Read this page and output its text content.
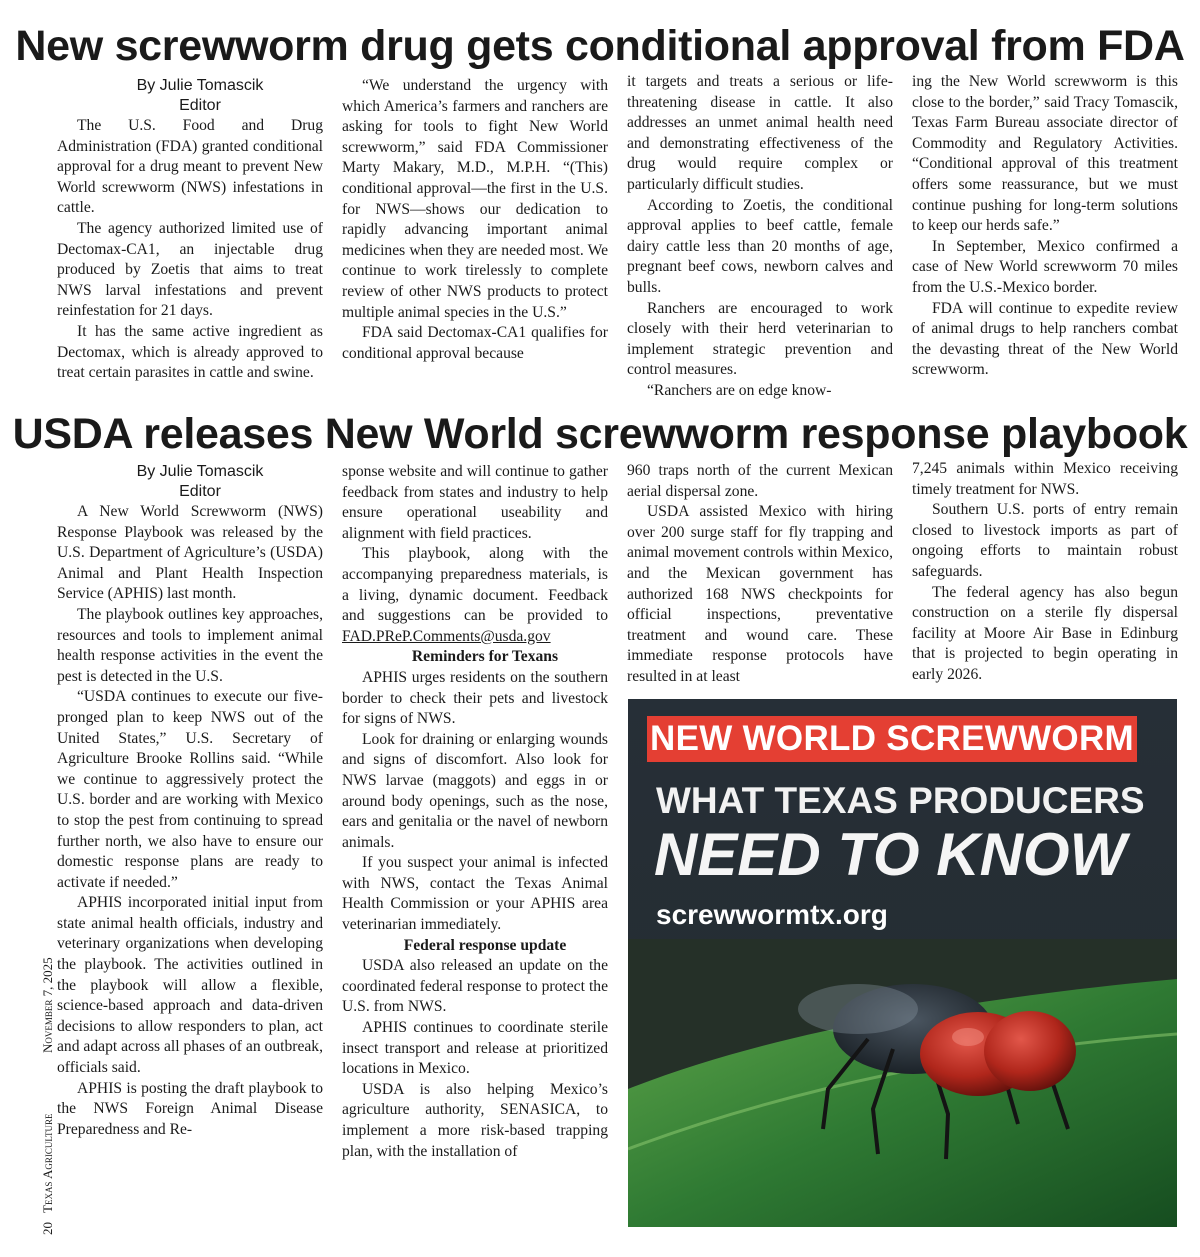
New screwworm drug gets conditional approval from FDA

By Julie Tomascik

Editor

The U.S. Food and Drug Administration (FDA) granted conditional approval for a drug meant to prevent New World screwworm (NWS) infestations in cattle.

The agency authorized limited use of Dectomax-CA1, an injectable drug produced by Zoetis that aims to treat NWS larval infestations and prevent reinfestation for 21 days.

It has the same active ingredient as Dectomax, which is already approved to treat certain parasites in cattle and swine.

“We understand the urgency with which America’s farmers and ranchers are asking for tools to fight New World screwworm,” said FDA Commissioner Marty Makary, M.D., M.P.H. “(This) conditional approval—the first in the U.S. for NWS—shows our dedication to rapidly advancing important animal medicines when they are needed most. We continue to work tirelessly to complete review of other NWS products to protect multiple animal species in the U.S.”

FDA said Dectomax-CA1 qualifies for conditional approval because

it targets and treats a serious or life-threatening disease in cattle. It also addresses an unmet animal health need and demonstrating effectiveness of the drug would require complex or particularly difficult studies.

According to Zoetis, the conditional approval applies to beef cattle, female dairy cattle less than 20 months of age, pregnant beef cows, newborn calves and bulls.

Ranchers are encouraged to work closely with their herd veterinarian to implement strategic prevention and control measures.

“Ranchers are on edge know-

ing the New World screwworm is this close to the border,” said Tracy Tomascik, Texas Farm Bureau associate director of Commodity and Regulatory Activities. “Conditional approval of this treatment offers some reassurance, but we must continue pushing for long-term solutions to keep our herds safe.”

In September, Mexico confirmed a case of New World screwworm 70 miles from the U.S.-Mexico border.

FDA will continue to expedite review of animal drugs to help ranchers combat the devasting threat of the New World screwworm.

USDA releases New World screwworm response playbook

By Julie Tomascik

Editor

A New World Screwworm (NWS) Response Playbook was released by the U.S. Department of Agriculture’s (USDA) Animal and Plant Health Inspection Service (APHIS) last month.

The playbook outlines key approaches, resources and tools to implement animal health response activities in the event the pest is detected in the U.S.

“USDA continues to execute our five-pronged plan to keep NWS out of the United States,” U.S. Secretary of Agriculture Brooke Rollins said. “While we continue to aggressively protect the U.S. border and are working with Mexico to stop the pest from continuing to spread further north, we also have to ensure our domestic response plans are ready to activate if needed.”

APHIS incorporated initial input from state animal health officials, industry and veterinary organizations when developing the playbook. The activities outlined in the playbook will allow a flexible, science-based approach and data-driven decisions to allow responders to plan, act and adapt across all phases of an outbreak, officials said.

APHIS is posting the draft playbook to the NWS Foreign Animal Disease Preparedness and Re-

sponse website and will continue to gather feedback from states and industry to help ensure operational useability and alignment with field practices.

This playbook, along with the accompanying preparedness materials, is a living, dynamic document. Feedback and suggestions can be provided to FAD.PReP.Comments@usda.gov

Reminders for Texans

APHIS urges residents on the southern border to check their pets and livestock for signs of NWS.

Look for draining or enlarging wounds and signs of discomfort. Also look for NWS larvae (maggots) and eggs in or around body openings, such as the nose, ears and genitalia or the navel of newborn animals.

If you suspect your animal is infected with NWS, contact the Texas Animal Health Commission or your APHIS area veterinarian immediately.

Federal response update

USDA also released an update on the coordinated federal response to protect the U.S. from NWS.

APHIS continues to coordinate sterile insect transport and release at prioritized locations in Mexico.

USDA is also helping Mexico’s agriculture authority, SENASICA, to implement a more risk-based trapping plan, with the installation of

960 traps north of the current Mexican aerial dispersal zone.

USDA assisted Mexico with hiring over 200 surge staff for fly trapping and animal movement controls within Mexico, and the Mexican government has authorized 168 NWS checkpoints for official inspections, preventative treatment and wound care. These immediate response protocols have resulted in at least

7,245 animals within Mexico receiving timely treatment for NWS.

Southern U.S. ports of entry remain closed to livestock imports as part of ongoing efforts to maintain robust safeguards.

The federal agency has also begun construction on a sterile fly dispersal facility at Moore Air Base in Edinburg that is projected to begin operating in early 2026.

NEW WORLD SCREWWORM
WHAT TEXAS PRODUCERS
NEED TO KNOW
screwwormtx.org
20Texas AgricultureNovember 7, 2025
